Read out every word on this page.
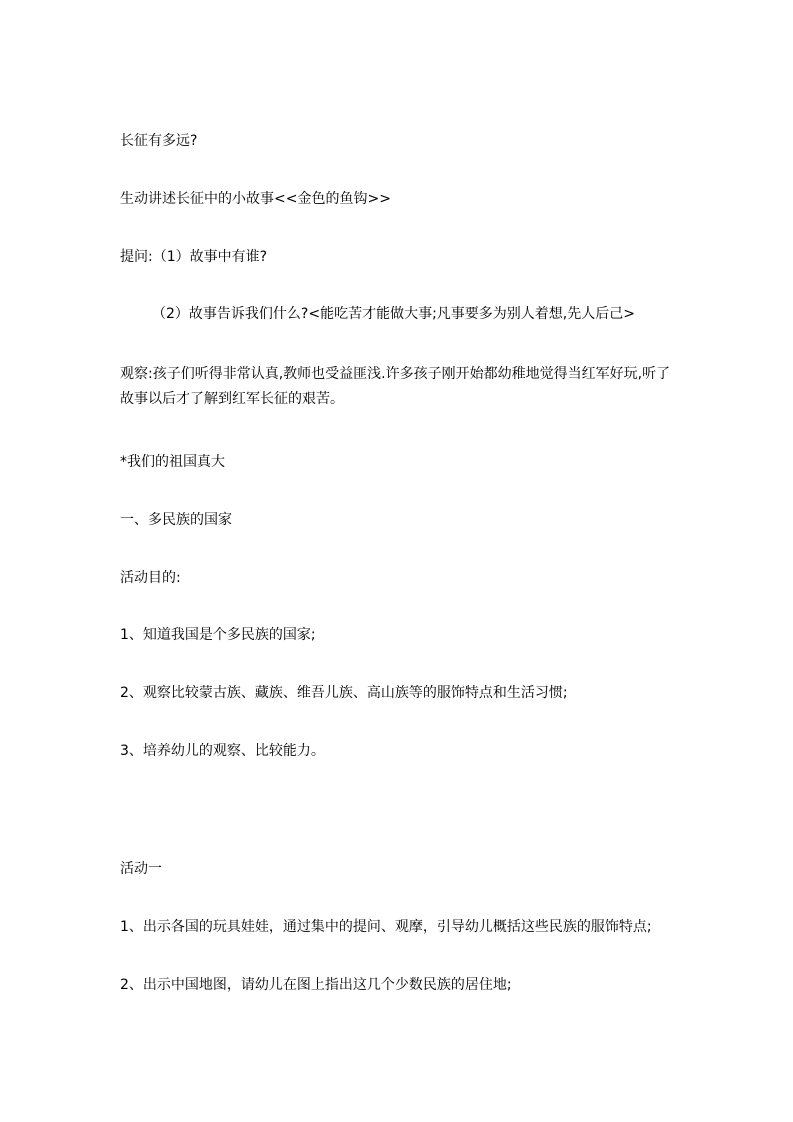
长征有多远?
生动讲述长征中的小故事<<金色的鱼钩>>
提问:（1）故事中有谁?
（2）故事告诉我们什么?<能吃苦才能做大事;凡事要多为别人着想,先人后己>
观察:孩子们听得非常认真,教师也受益匪浅.许多孩子刚开始都幼稚地觉得当红军好玩,听了故事以后才了解到红军长征的艰苦。
*我们的祖国真大
一、多民族的国家
活动目的:
1、知道我国是个多民族的国家;
2、观察比较蒙古族、藏族、维吾儿族、高山族等的服饰特点和生活习惯;
3、培养幼儿的观察、比较能力。
活动一
1、出示各国的玩具娃娃，通过集中的提问、观摩，引导幼儿概括这些民族的服饰特点;
2、出示中国地图，请幼儿在图上指出这几个少数民族的居住地;
